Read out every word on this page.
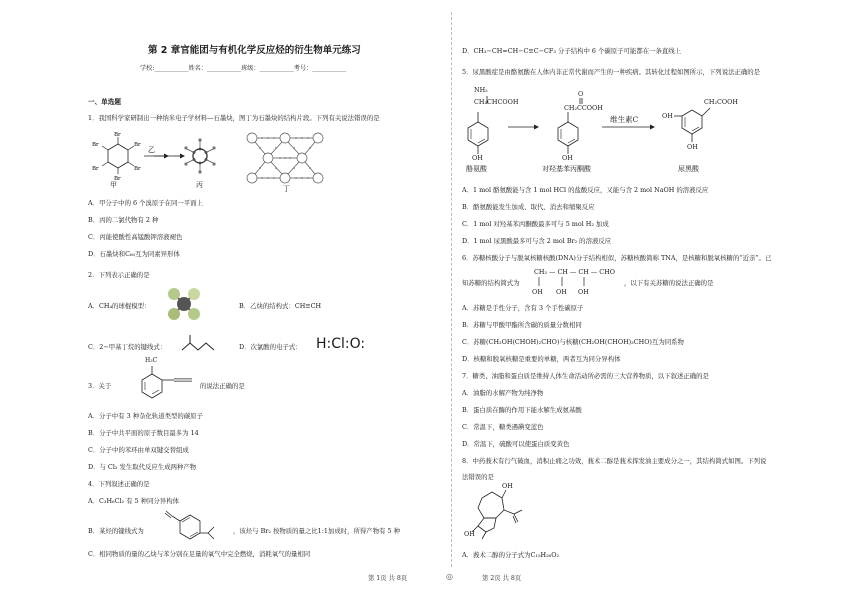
◎
第 2 章官能团与有机化学反应烃的衍生物单元练习
学校:___________姓名：___________班级：___________考号：___________
一、单选题
1．我国科学家研制出一种纳米电子学材料—石墨炔，图丁为石墨炔的结构片段。下列有关说法错误的是
Br
Br
Br
Br
Br
Br
乙
甲	丙	丁
A．甲分子中的 6 个溴原子在同一平面上
B．丙的二氯代物有 2 种
C．丙能使酸性高锰酸钾溶液褪色
D．石墨炔和C₆₀互为同素异形体
2．下列表示正确的是
A．CH₄的球棍模型：	B．乙炔的结构式：CH≡CH
C．2−甲基丁烷的键线式：	D．次氯酸的电子式： H:Cl:O:
3．关于
H₃C
的说法正确的是
A．分子中有 3 种杂化轨道类型的碳原子
B．分子中共平面的原子数目最多为 14
C．分子中的苯环由单双键交替组成
D．与 Cl₂ 发生取代反应生成两种产物
4．下列叙述正确的是
A．C₃H₆Cl₂ 有 5 种同分异构体
B．某烃的键线式为	，该烃与 Br₂ 按物质的量之比1:1加成时，所得产物有 5 种
C．相同物质的量的乙炔与苯分别在足量的氧气中完全燃烧，消耗氧气的量相同
第 1页 共 8页
D．CH₃−CH=CH−C≡C−CF₃ 分子结构中 6 个碳原子可能都在一条直线上
5．尿黑酸症是由酪氨酸在人体内非正常代谢而产生的一种疾病。其转化过程如图所示，下列说法正确的是
NH₂
CH₂CHCOOH
OH
O
CH₂CCOOH
OH
维生素C
CH₂COOH
OH
OH
酪氨酸	对羟基苯丙酮酸	尿黑酸
A．1 mol 酪氨酸能与含 1 mol HCl 的盐酸反应，又能与含 2 mol NaOH 的溶液反应
B．酪氨酸能发生加成、取代、消去和缩聚反应
C．1 mol 对羟基苯丙酮酸最多可与 5 mol H₂ 加成
D．1 mol 尿黑酸最多可与含 2 mol Br₂ 的溶液反应
6．苏糖核酸分子与脱氧核糖核酸(DNA)分子结构相似，苏糖核酸简称 TNA，是核糖和脱氧核糖的“近亲”。已
CH₂ — CH — CH — CHO
知苏糖的结构简式为	，以下有关苏糖的说法正确的是
OH OH OH
A．苏糖是手性分子，含有 3 个手性碳原子
B．苏糖与甲酸甲酯所含碳的质量分数相同
C．苏糖(CH₂OH(CHOH)₂CHO)与核糖(CH₂OH(CHOH)₃CHO)互为同系物
D．核糖和脱氧核糖是重要的单糖，两者互为同分异构体
7．糖类、油脂和蛋白质是维持人体生命活动所必需的三大营养物质，以下叙述正确的是
A．油脂的水解产物为纯净物
B．蛋白质在酶的作用下能水解生成氨基酸
C．常温下，糖类遇碘变蓝色
D．常温下，硫酸可以使蛋白质变黄色
8．中药莪术有行气破血，消积止痛之功效，莪术二醇是莪术挥发油主要成分之一，其结构简式如图。下列说
法错误的是
OH
OH
A．莪术二醇的分子式为C₁₅H₂₆O₂
第 2页 共 8页
